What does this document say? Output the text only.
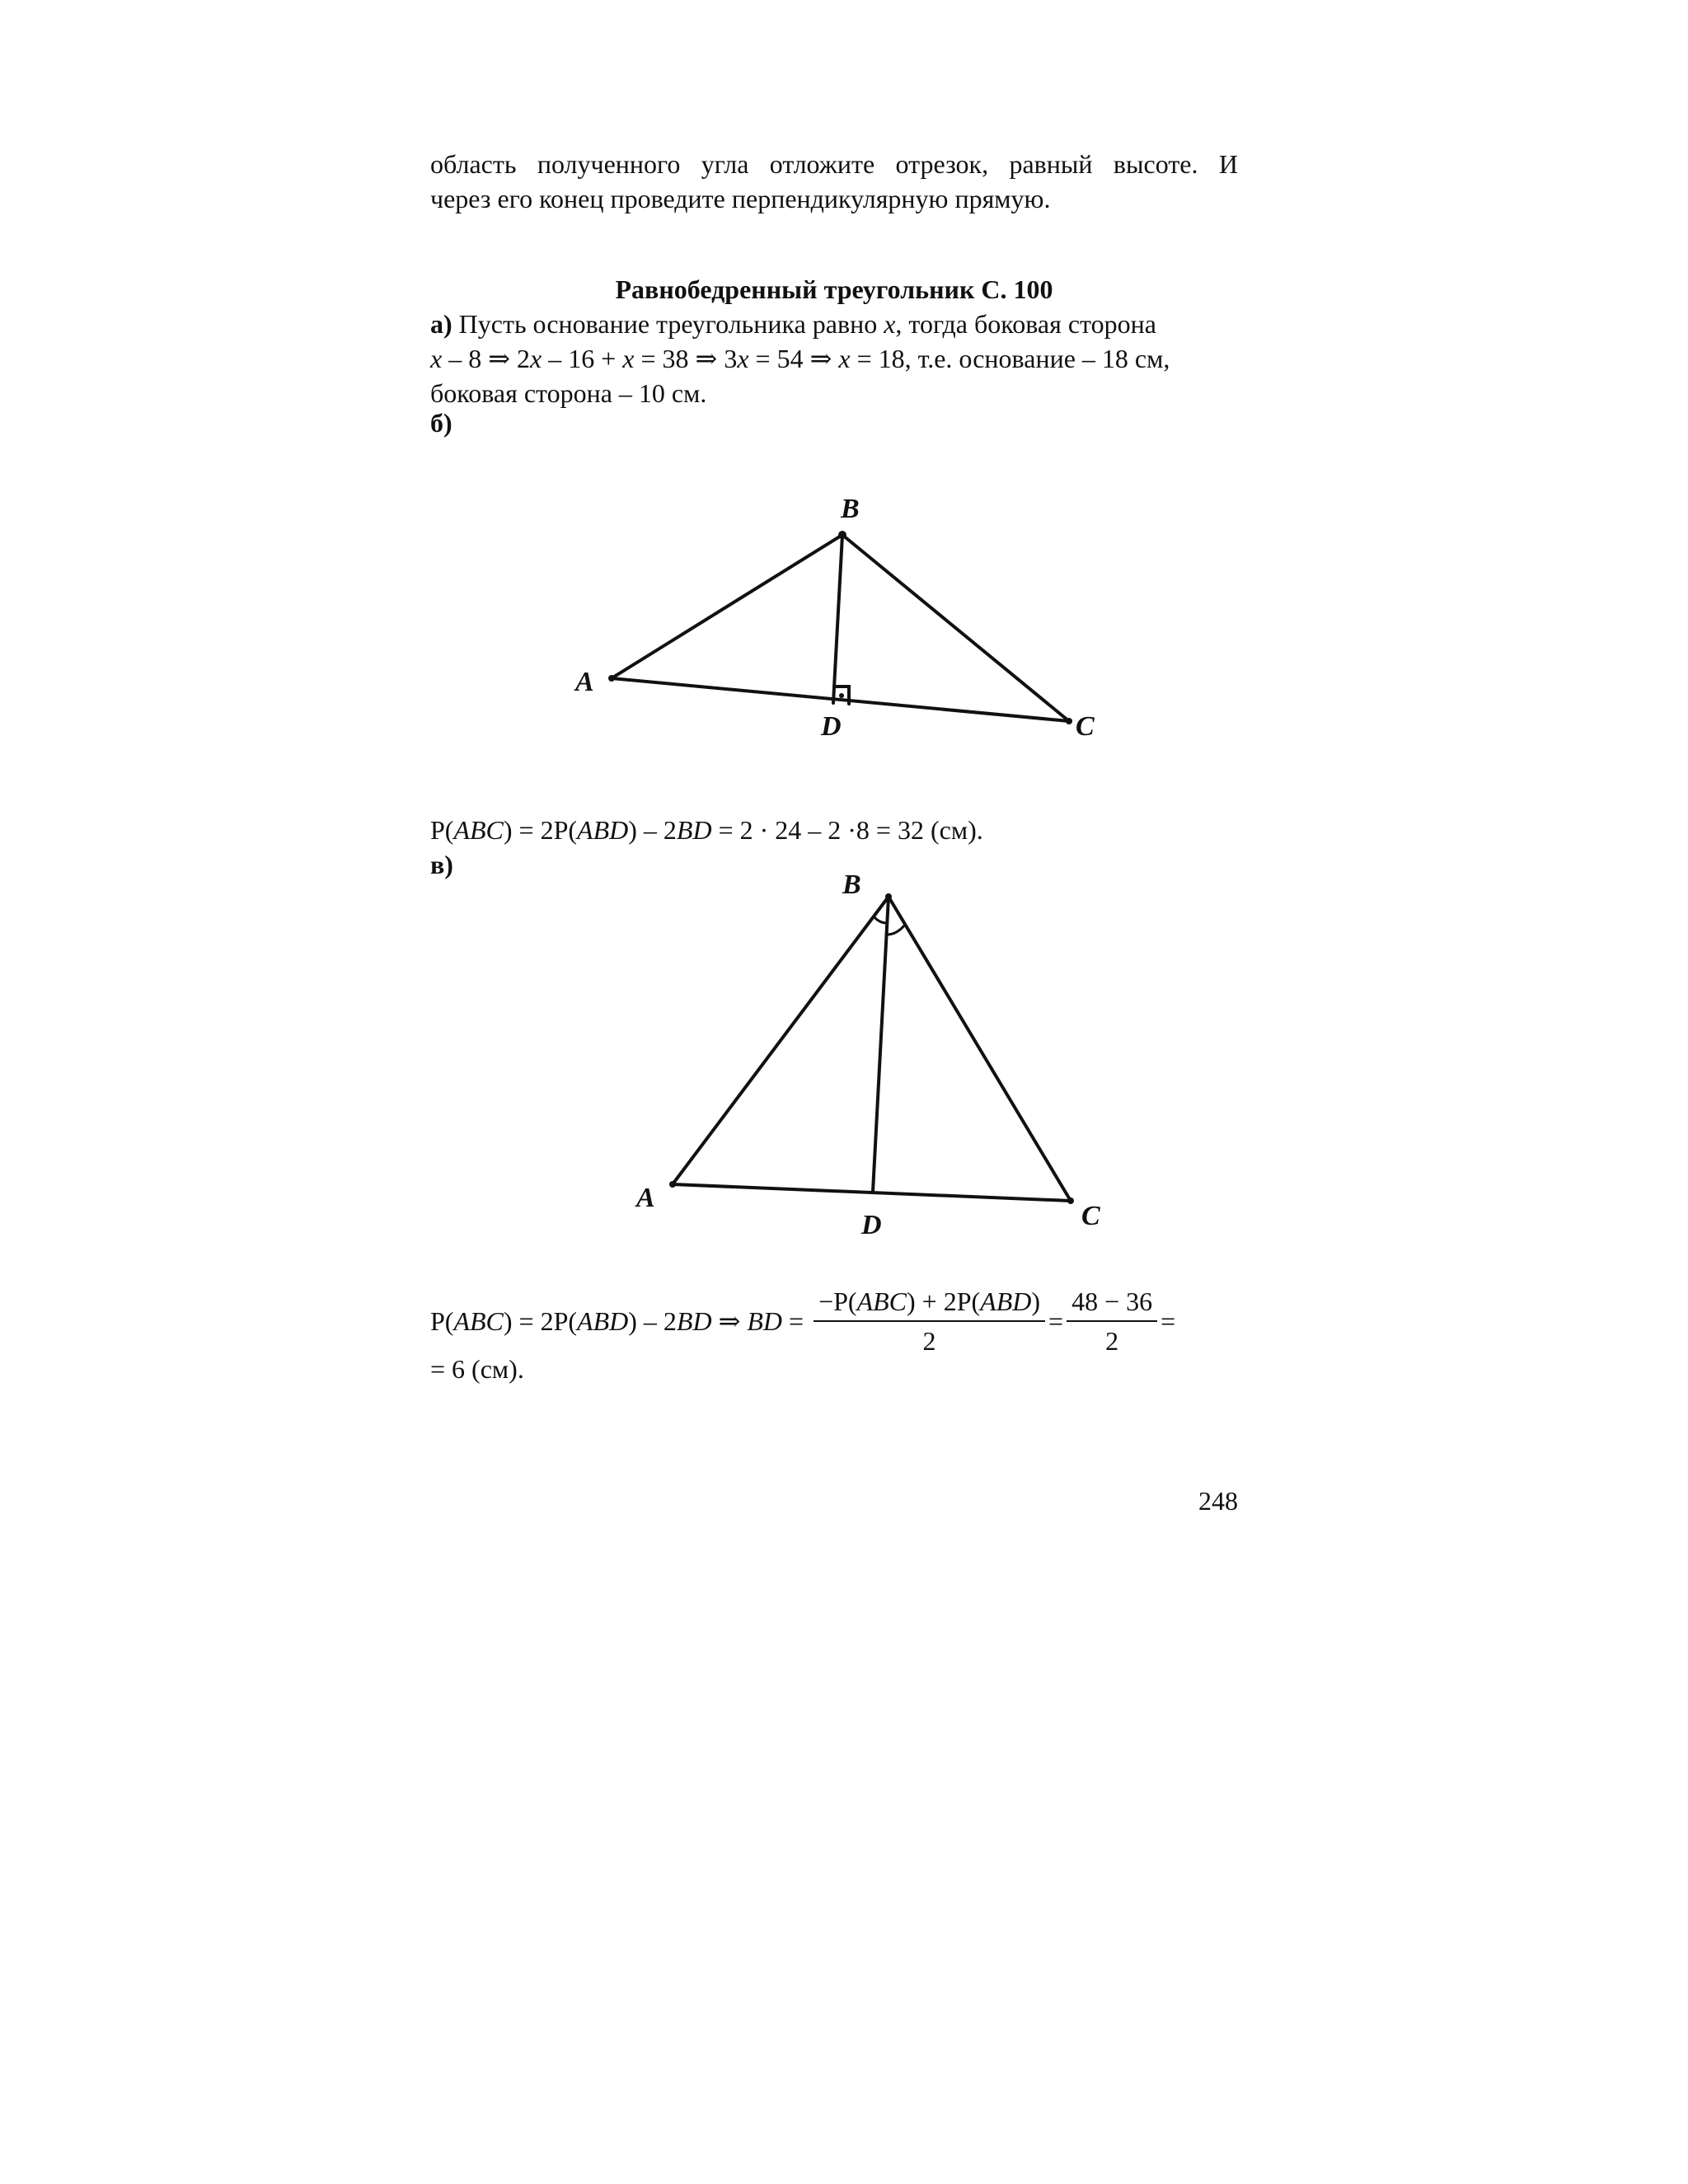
область полученного угла отложите отрезок, равный высоте. И
через его конец проведите перпендикулярную прямую.
Равнобедренный треугольник С. 100
а) Пусть основание треугольника равно x, тогда боковая сторона
x – 8 ⇒ 2x – 16 + x = 38 ⇒ 3x = 54 ⇒ x = 18, т.е. основание – 18 см,
боковая сторона – 10 см.
б)
B
A
D	C
P(ABC) = 2P(ABD) – 2BD = 2 · 24 – 2 ·8 = 32 (см).
в)
B
A
D	C
P( ABC ) = 2P( ABD ) – 2 BD ⇒ BD = $\frac{\text{−P(ABC) + 2P(ABD)}}{2} = \frac{48 - 36}{2}$ =
= 6 (см).
248
